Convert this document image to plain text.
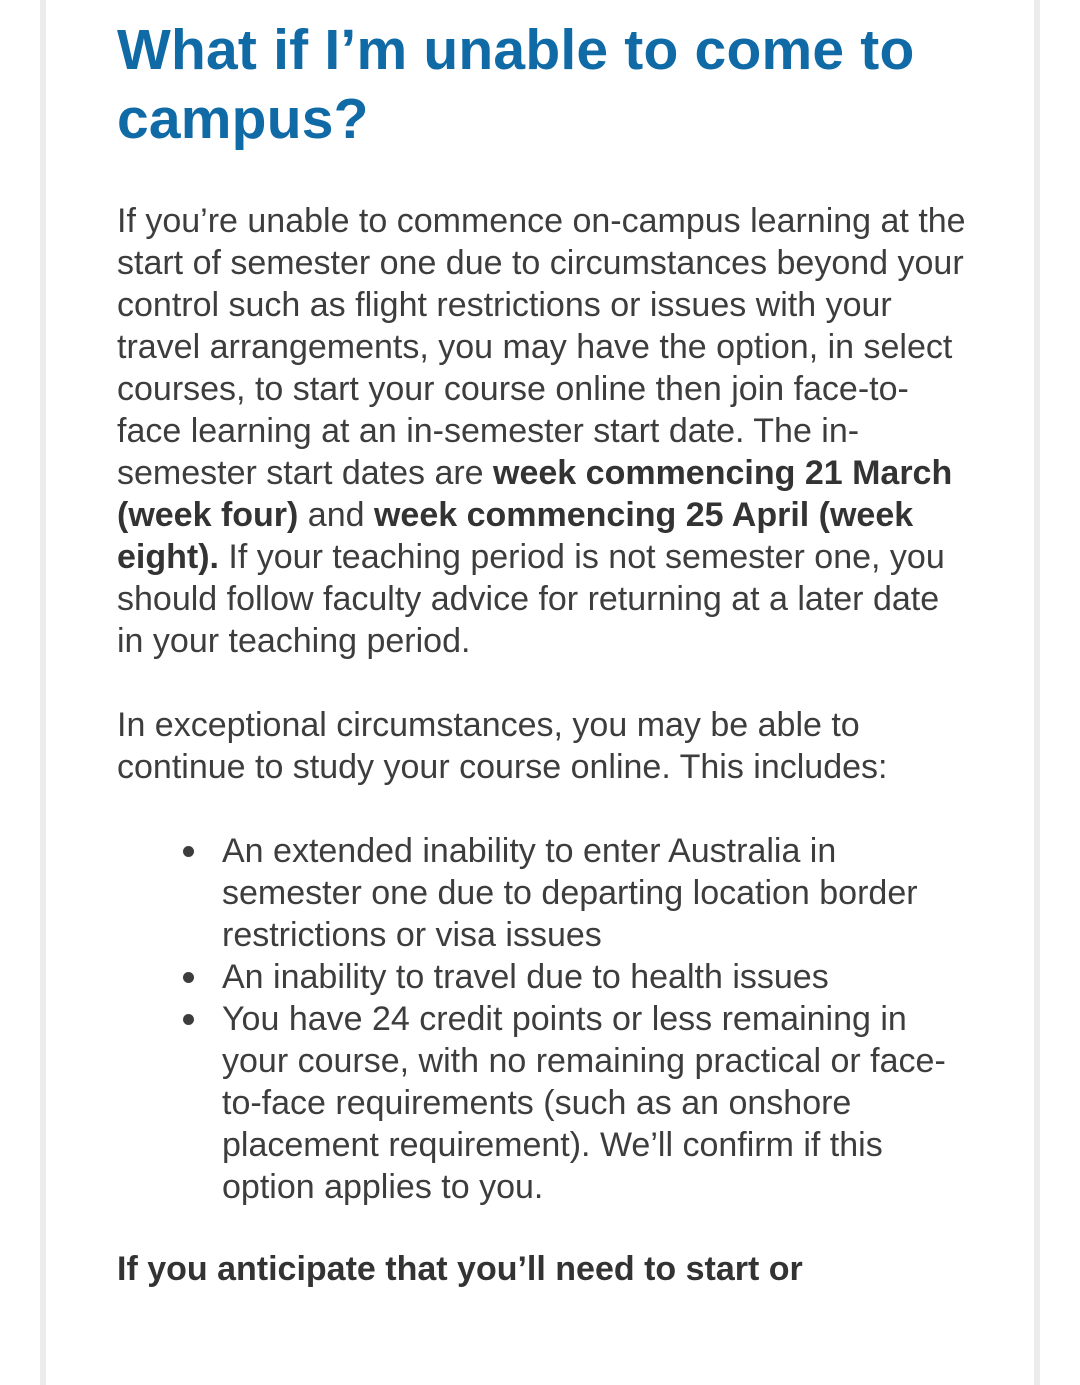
What if I’m unable to come to campus?

If you’re unable to commence on-campus learning at the start of semester one due to circumstances beyond your control such as flight restrictions or issues with your travel arrangements, you may have the option, in select courses, to start your course online then join face-to-face learning at an in-semester start date. The in-semester start dates are week commencing 21 March (week four) and week commencing 25 April (week eight). If your teaching period is not semester one, you should follow faculty advice for returning at a later date in your teaching period.

In exceptional circumstances, you may be able to continue to study your course online. This includes:

An extended inability to enter Australia in semester one due to departing location border restrictions or visa issues
An inability to travel due to health issues
You have 24 credit points or less remaining in your course, with no remaining practical or face-to-face requirements (such as an onshore placement requirement). We’ll confirm if this option applies to you.

If you anticipate that you’ll need to start or
